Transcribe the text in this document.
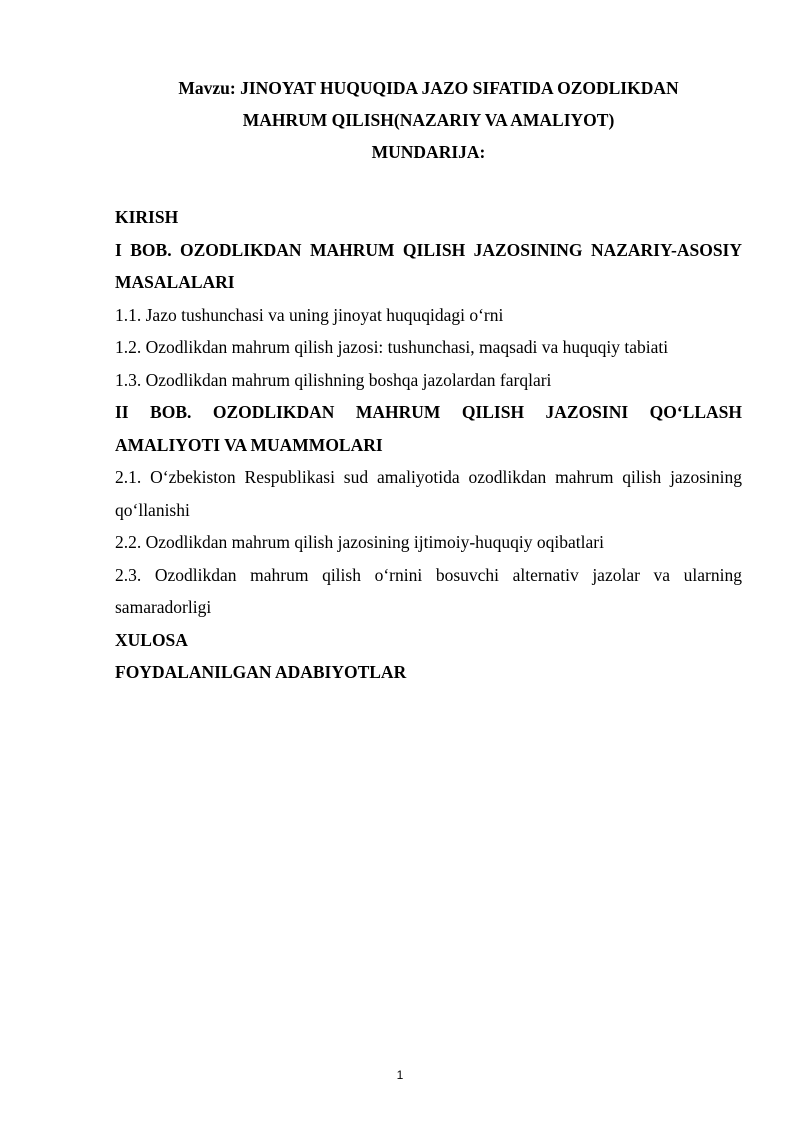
Mavzu: JINOYAT HUQUQIDA JAZO SIFATIDA OZODLIKDAN
MAHRUM QILISH(NAZARIY VA AMALIYOT)
MUNDARIJA:

KIRISH

I BOB. OZODLIKDAN MAHRUM QILISH JAZOSINING NAZARIY-ASOSIY MASALALARI

1.1. Jazo tushunchasi va uning jinoyat huquqidagi o‘rni

1.2. Ozodlikdan mahrum qilish jazosi: tushunchasi, maqsadi va huquqiy tabiati

1.3. Ozodlikdan mahrum qilishning boshqa jazolardan farqlari

II BOB. OZODLIKDAN MAHRUM QILISH JAZOSINI QO‘LLASH AMALIYOTI VA MUAMMOLARI

2.1. O‘zbekiston Respublikasi sud amaliyotida ozodlikdan mahrum qilish jazosining qo‘llanishi

2.2. Ozodlikdan mahrum qilish jazosining ijtimoiy-huquqiy oqibatlari

2.3. Ozodlikdan mahrum qilish o‘rnini bosuvchi alternativ jazolar va ularning samaradorligi

XULOSA

FOYDALANILGAN ADABIYOTLAR

1
